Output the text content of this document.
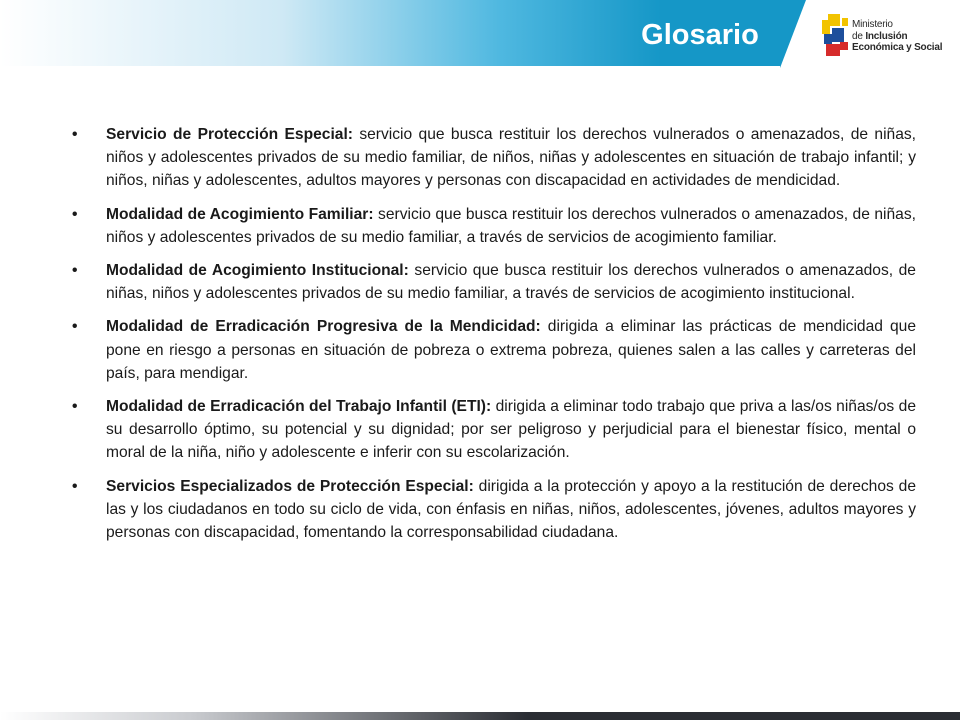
Glosario	Ministerio
de Inclusión
Económica y Social
•	Servicio de Protección Especial: servicio que busca restituir los derechos vulnerados o amenazados, de niñas, niños y adolescentes privados de su medio familiar, de niños, niñas y adolescentes en situación de trabajo infantil; y niños, niñas y adolescentes, adultos mayores y personas con discapacidad en actividades de mendicidad.
•	Modalidad de Acogimiento Familiar: servicio que busca restituir los derechos vulnerados o amenazados, de niñas, niños y adolescentes privados de su medio familiar, a través de servicios de acogimiento familiar.
•	Modalidad de Acogimiento Institucional: servicio que busca restituir los derechos vulnerados o amenazados, de niñas, niños y adolescentes privados de su medio familiar, a través de servicios de acogimiento institucional.
•	Modalidad de Erradicación Progresiva de la Mendicidad: dirigida a eliminar las prácticas de mendicidad que pone en riesgo a personas en situación de pobreza o extrema pobreza, quienes salen a las calles y carreteras del país, para mendigar.
•	Modalidad de Erradicación del Trabajo Infantil (ETI): dirigida a eliminar todo trabajo que priva a las/os niñas/os de su desarrollo óptimo, su potencial y su dignidad; por ser peligroso y perjudicial para el bienestar físico, mental o moral de la niña, niño y adolescente e inferir con su escolarización.
•	Servicios Especializados de Protección Especial: dirigida a la protección y apoyo a la restitución de derechos de las y los ciudadanos en todo su ciclo de vida, con énfasis en niñas, niños, adolescentes, jóvenes, adultos mayores y personas con discapacidad, fomentando la corresponsabilidad ciudadana.
